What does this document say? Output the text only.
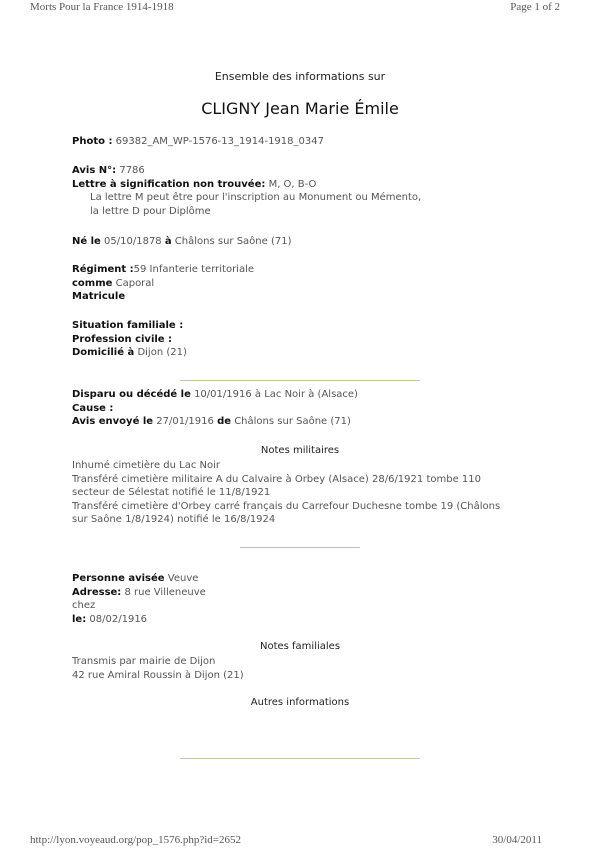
Morts Pour la France 1914-1918	Page 1 of 2
Ensemble des informations sur
CLIGNY Jean Marie Émile
Photo : 69382_AM_WP-1576-13_1914-1918_0347
Avis N°: 7786
Lettre à signification non trouvée: M, O, B-O
La lettre M peut être pour l'inscription au Monument ou Mémento,
la lettre D pour Diplôme
Né le 05/10/1878 à Châlons sur Saône (71)
Régiment :59 Infanterie territoriale
comme Caporal
Matricule
Situation familiale :
Profession civile :
Domicilié à Dijon (21)
Disparu ou décédé le 10/01/1916 à Lac Noir à (Alsace)
Cause :
Avis envoyé le 27/01/1916 de Châlons sur Saône (71)
Notes militaires
Inhumé cimetière du Lac Noir
Transféré cimetière militaire A du Calvaire à Orbey (Alsace) 28/6/1921 tombe 110
secteur de Sélestat notifié le 11/8/1921
Transféré cimetière d'Orbey carré français du Carrefour Duchesne tombe 19 (Châlons
sur Saône 1/8/1924) notifié le 16/8/1924
Personne avisée Veuve
Adresse: 8 rue Villeneuve
chez
le: 08/02/1916
Notes familiales
Transmis par mairie de Dijon
42 rue Amiral Roussin à Dijon (21)
Autres informations
http://lyon.voyeaud.org/pop_1576.php?id=2652	30/04/2011
